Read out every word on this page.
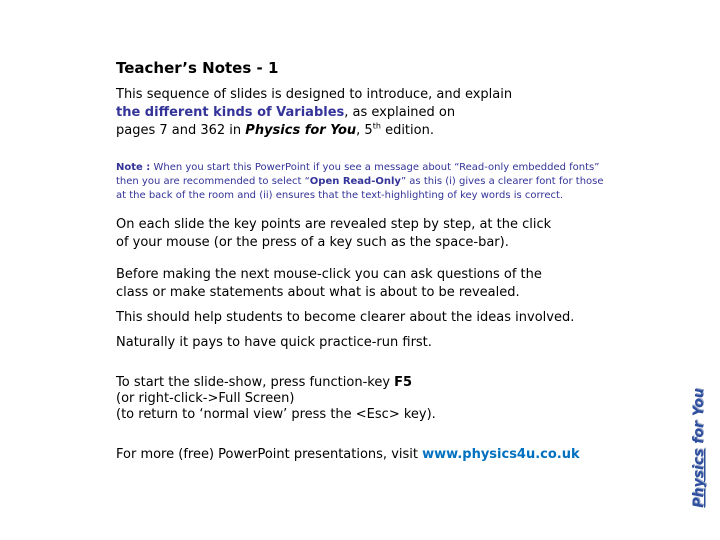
Teacher’s Notes - 1
This sequence of slides is designed to introduce, and explain
the different kinds of Variables, as explained on
pages 7 and 362 in Physics for You, 5th edition.
Note : When you start this PowerPoint if you see a message about “Read-only embedded fonts”
then you are recommended to select “Open Read-Only” as this (i) gives a clearer font for those
at the back of the room and (ii) ensures that the text-highlighting of key words is correct.
On each slide the key points are revealed step by step, at the click
of your mouse (or the press of a key such as the space-bar).
Before making the next mouse-click you can ask questions of the
class or make statements about what is about to be revealed.
This should help students to become clearer about the ideas involved.
Naturally it pays to have quick practice-run first.
To start the slide-show, press function-key F5
(or right-click->Full Screen)
(to return to ‘normal view’ press the <Esc> key).
For more (free) PowerPoint presentations, visit www.physics4u.co.uk	Physics for You
